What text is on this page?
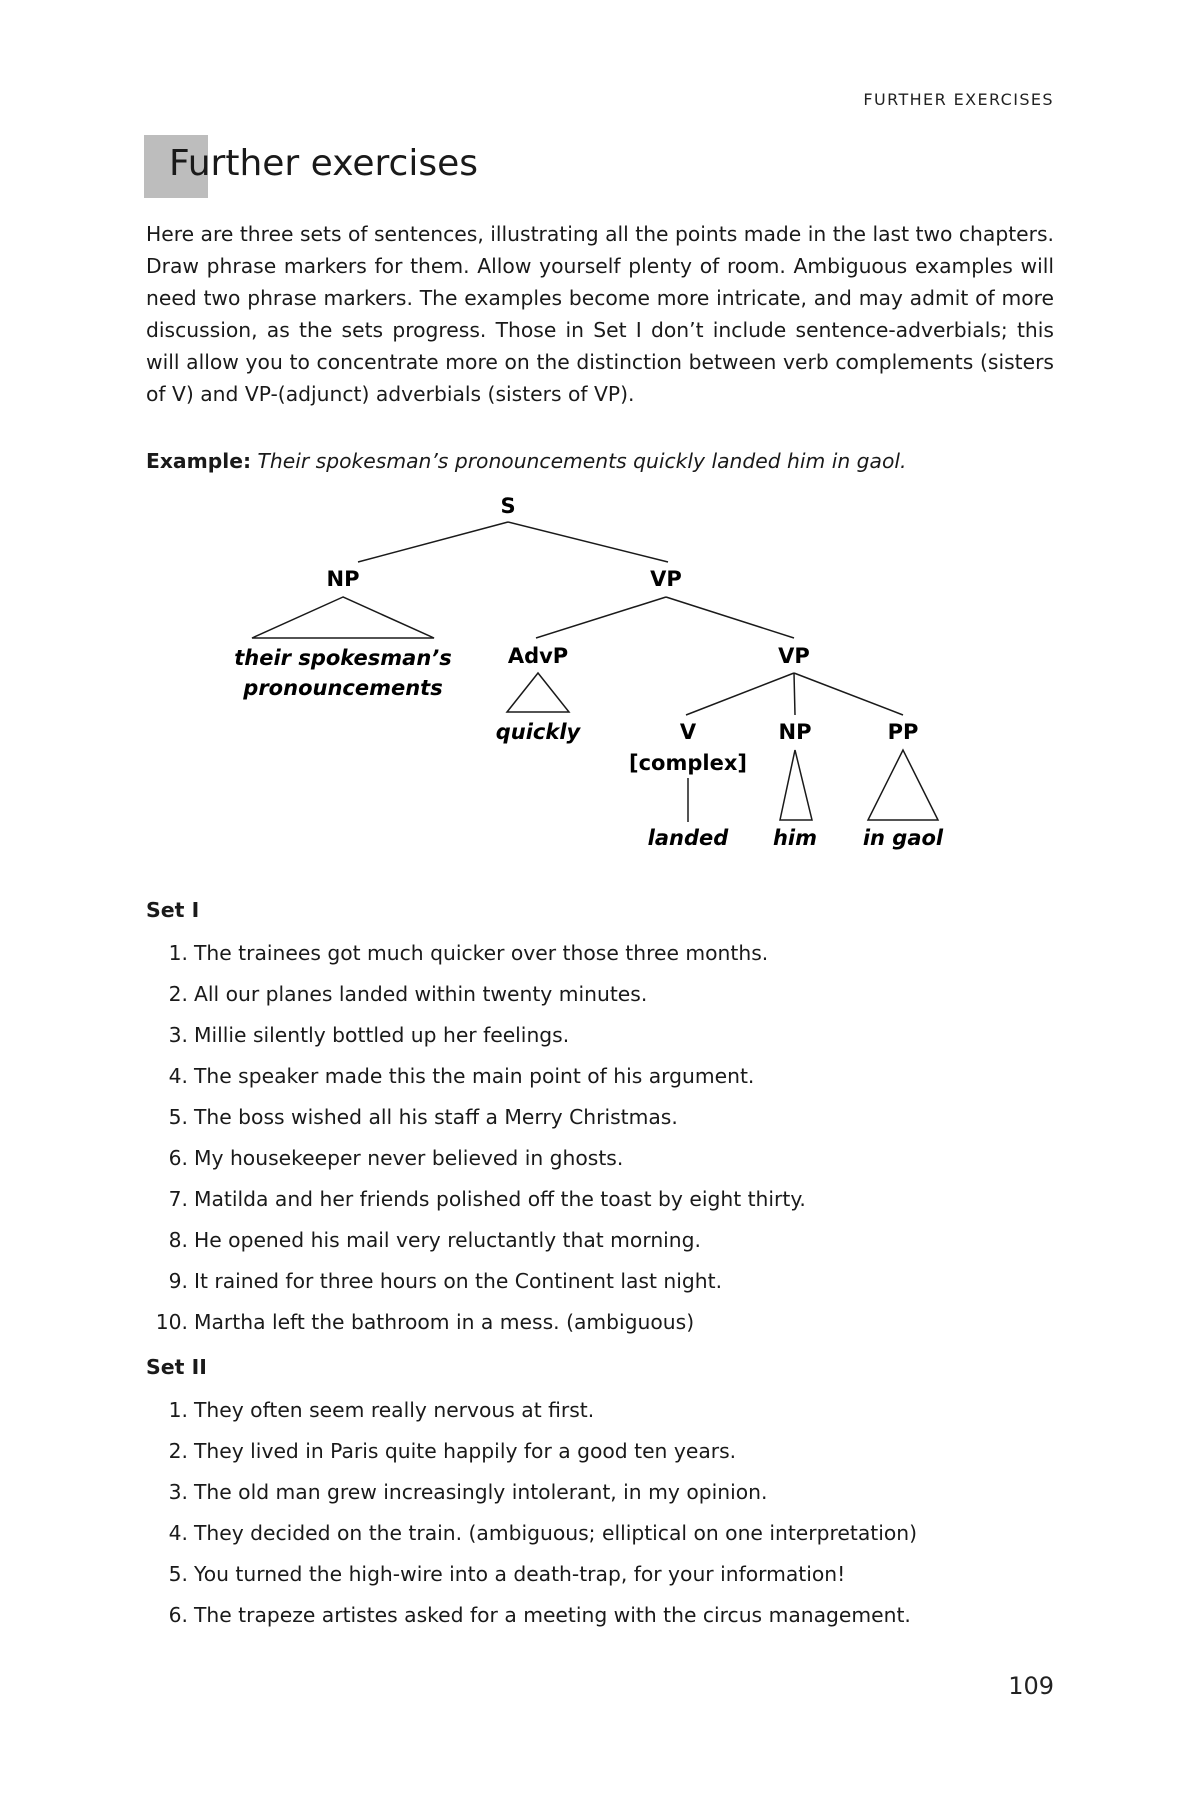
FURTHER EXERCISES
Further exercises

Here are three sets of sentences, illustrating all the points made in the last two chapters. Draw phrase markers for them. Allow yourself plenty of room. Ambiguous examples will need two phrase markers. The examples become more intricate, and may admit of more discussion, as the sets progress. Those in Set I don’t include sentence-adverbials; this will allow you to concentrate more on the distinction between verb complements (sisters of V) and VP-(adjunct) adverbials (sisters of VP).

Example: Their spokesman’s pronouncements quickly landed him in gaol.
S
NP
their spokesman’s
pronouncements
VP
AdvP
quickly
VP
V
[complex]
landed
NP
him
PP
in gaol
Set I
1. The trainees got much quicker over those three months.
2. All our planes landed within twenty minutes.
3. Millie silently bottled up her feelings.
4. The speaker made this the main point of his argument.
5. The boss wished all his staff a Merry Christmas.
6. My housekeeper never believed in ghosts.
7. Matilda and her friends polished off the toast by eight thirty.
8. He opened his mail very reluctantly that morning.
9. It rained for three hours on the Continent last night.
10. Martha left the bathroom in a mess. (ambiguous)
Set II
1. They often seem really nervous at first.
2. They lived in Paris quite happily for a good ten years.
3. The old man grew increasingly intolerant, in my opinion.
4. They decided on the train. (ambiguous; elliptical on one interpretation)
5. You turned the high-wire into a death-trap, for your information!
6. The trapeze artistes asked for a meeting with the circus management.
109
